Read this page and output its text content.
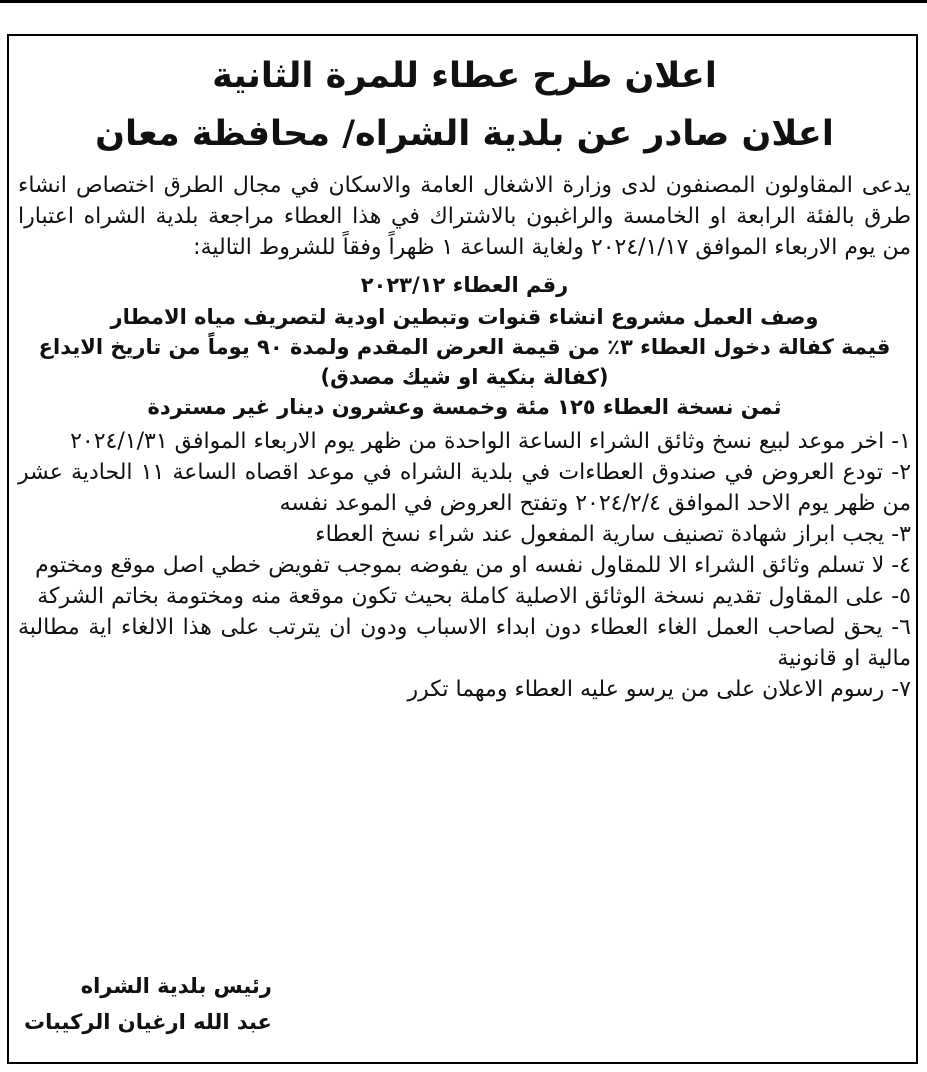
اعلان طرح عطاء للمرة الثانية
اعلان صادر عن بلدية الشراه/ محافظة معان

يدعى المقاولون المصنفون لدى وزارة الاشغال العامة والاسكان في مجال الطرق اختصاص انشاء طرق بالفئة الرابعة او الخامسة والراغبون بالاشتراك في هذا العطاء مراجعة بلدية الشراه اعتبارا من يوم الاربعاء الموافق ٢٠٢٤/١/١٧ ولغاية الساعة ١ ظهراً وفقاً للشروط التالية:

رقم العطاء ٢٠٢٣/١٢

وصف العمل مشروع انشاء قنوات وتبطين اودية لتصريف مياه الامطار

قيمة كفالة دخول العطاء ٣٪ من قيمة العرض المقدم ولمدة ٩٠ يوماً من تاريخ الايداع

(كفالة بنكية او شيك مصدق)

ثمن نسخة العطاء ١٢٥ مئة وخمسة وعشرون دينار غير مستردة

١- اخر موعد لبيع نسخ وثائق الشراء الساعة الواحدة من ظهر يوم الاربعاء الموافق ٢٠٢٤/١/٣١
٢- تودع العروض في صندوق العطاءات في بلدية الشراه في موعد اقصاه الساعة ١١ الحادية عشر من ظهر يوم الاحد الموافق ٢٠٢٤/٢/٤ وتفتح العروض في الموعد نفسه
٣- يجب ابراز شهادة تصنيف سارية المفعول عند شراء نسخ العطاء
٤- لا تسلم وثائق الشراء الا للمقاول نفسه او من يفوضه بموجب تفويض خطي اصل موقع ومختوم
٥- على المقاول تقديم نسخة الوثائق الاصلية كاملة بحيث تكون موقعة منه ومختومة بخاتم الشركة
٦- يحق لصاحب العمل الغاء العطاء دون ابداء الاسباب ودون ان يترتب على هذا الالغاء اية مطالبة مالية او قانونية
٧- رسوم الاعلان على من يرسو عليه العطاء ومهما تكرر
رئيس بلدية الشراه
عبد الله ارغيان الركيبات
